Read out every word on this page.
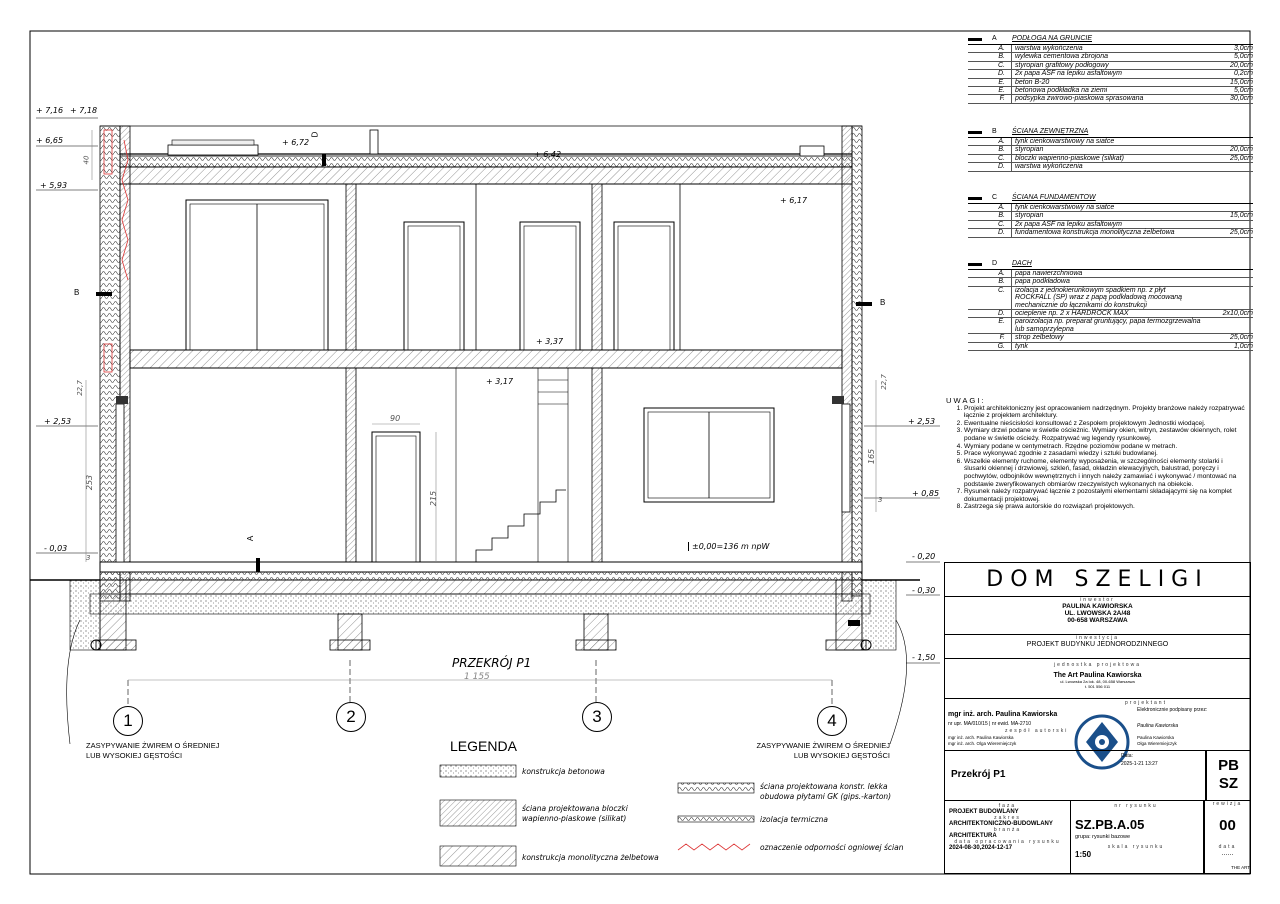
PRZEKRÓJ P1
1 155
1	2	3	4
ZASYPYWANIE ŻWIREM O ŚREDNIEJ LUB WYSOKIEJ GĘSTOŚCI
ZASYPYWANIE ŻWIREM O ŚREDNIEJ LUB WYSOKIEJ GĘSTOŚCI
B
B
D
A
+ 7,16 + 7,18
+ 6,65
+ 5,93
+ 2,53
- 0,03
+ 6,72
+ 6,42
+ 6,17
+ 3,37
+ 3,17
±0,00=136 m npW
+ 2,53
+ 0,85
- 0,20
- 0,30
- 1,50
40
22,7
253
3
90
215
22,7
165
3
LEGENDA
konstrukcja betonowa
ściana projektowana bloczki wapienno-piaskowe (silikat)
konstrukcja monolityczna żelbetowa
ściana projektowana konstr. lekka obudowa płytami GK (gips.-karton)
izolacja termiczna
oznaczenie odporności ogniowej ścian
A PODŁOGA NA GRUNCIE
A.	warstwa wykończenia	3,0cm
B.	wylewka cementowa zbrojona	5,0cm
C.	styropian grafitowy podłogowy	20,0cm
D.	2x papa ASF na lepiku asfaltowym	0,2cm
E.	beton B-20	15,0cm
E.	betonowa podkładka na ziemi	5,0cm
F.	podsypka żwirowo-piaskowa sprasowana	30,0cm
B ŚCIANA ZEWNĘTRZNA
A.	tynk cienkowarstwowy na siatce
B.	styropian	20,0cm
C.	bloczki wapienno-piaskowe (silikat)	25,0cm
D.	warstwa wykończenia
C ŚCIANA FUNDAMENTOW
A.	tynk cienkowarstwowy na siatce
B.	styropian	15,0cm
C.	2x papa ASF na lepiku asfaltowym
D.	fundamentowa konstrukcja monolityczna żelbetowa	25,0cm
D DACH
A.	papa nawierzchniowa
B.	papa podkładowa
C.	izolacja z jednokierunkowym spadkiem np. z płyt ROCKFALL (SP) wraz z papą podkładową mocowaną mechanicznie do łącznikami do konstrukcji
D.	ocieplenie np. 2 x HARDROCK MAX	2x10,0cm
E.	paroizolacja np. preparat gruntujący, papa termozgrzewalna lub samoprzylepna
F.	strop żelbetowy	25,0cm
G.	tynk	1,0cm
UWAGI:
1. Projekt architektoniczny jest opracowaniem nadrzędnym. Projekty branżowe należy rozpatrywać łącznie z projektem architektury.
2. Ewentualne nieścisłości konsultować z Zespołem projektowym Jednostki wiodącej.
3. Wymiary drzwi podane w świetle ościeżnic. Wymiary okien, witryn, zestawów okiennych, rolet podane w świetle ościeży. Rozpatrywać wg legendy rysunkowej.
4. Wymiary podane w centymetrach. Rzędne poziomów podane w metrach.
5. Prace wykonywać zgodnie z zasadami wiedzy i sztuki budowlanej.
6. Wszelkie elementy ruchome, elementy wyposażenia, w szczególności elementy stolarki i ślusarki okiennej i drzwiowej, szkleń, fasad, okładzin elewacyjnych, balustrad, poręczy i pochwytów, odbojników wewnętrznych i innych należy zamawiać i wykonywać / montować na podstawie zweryfikowanych obmiarów rzeczywistych wykonanych na obiekcie.
7. Rysunek należy rozpatrywać łącznie z pozostałymi elementami składającymi się na komplet dokumentacji projektowej.
8. Zastrzega się prawa autorskie do rozwiązań projektowych.
DOM SZELIGI
inwestor
PAULINA KAWIORSKA
UL. LWOWSKA 2A/48
00-658 WARSZAWA
inwestycja
PROJEKT BUDYNKU JEDNORODZINNEGO
jednostka projektowa
The Art Paulina Kawiorska
ul. Lwowska 2a lok. 48, 00-658 Warszawa
t. 501 556 011
projektant
mgr inż. arch. Paulina Kawiorska
nr upr. MA/010/15 | nr ewid. MA-2710
zespół autorski
mgr inż. arch. Paulina Kawiorska
mgr inż. arch. Olga Wieremiejczyk
Elektronicznie podpisany przez:
Paulina Kawiorska
Paulina Kawiorska
Olga Wieremiejczyk
Przekrój P1
Data:
2025-1-21 13:27	PB
SZ
faza
PROJEKT BUDOWLANY
zakres
ARCHITEKTONICZNO-BUDOWLANY
branża
ARCHITEKTURA
data opracowania rysunku
2024-08-30,2024-12-17
nr rysunku
SZ.PB.A.05
grupa: rysunki bazowe
skala rysunku
1:50
rewizja
00
data
......
THE ART
